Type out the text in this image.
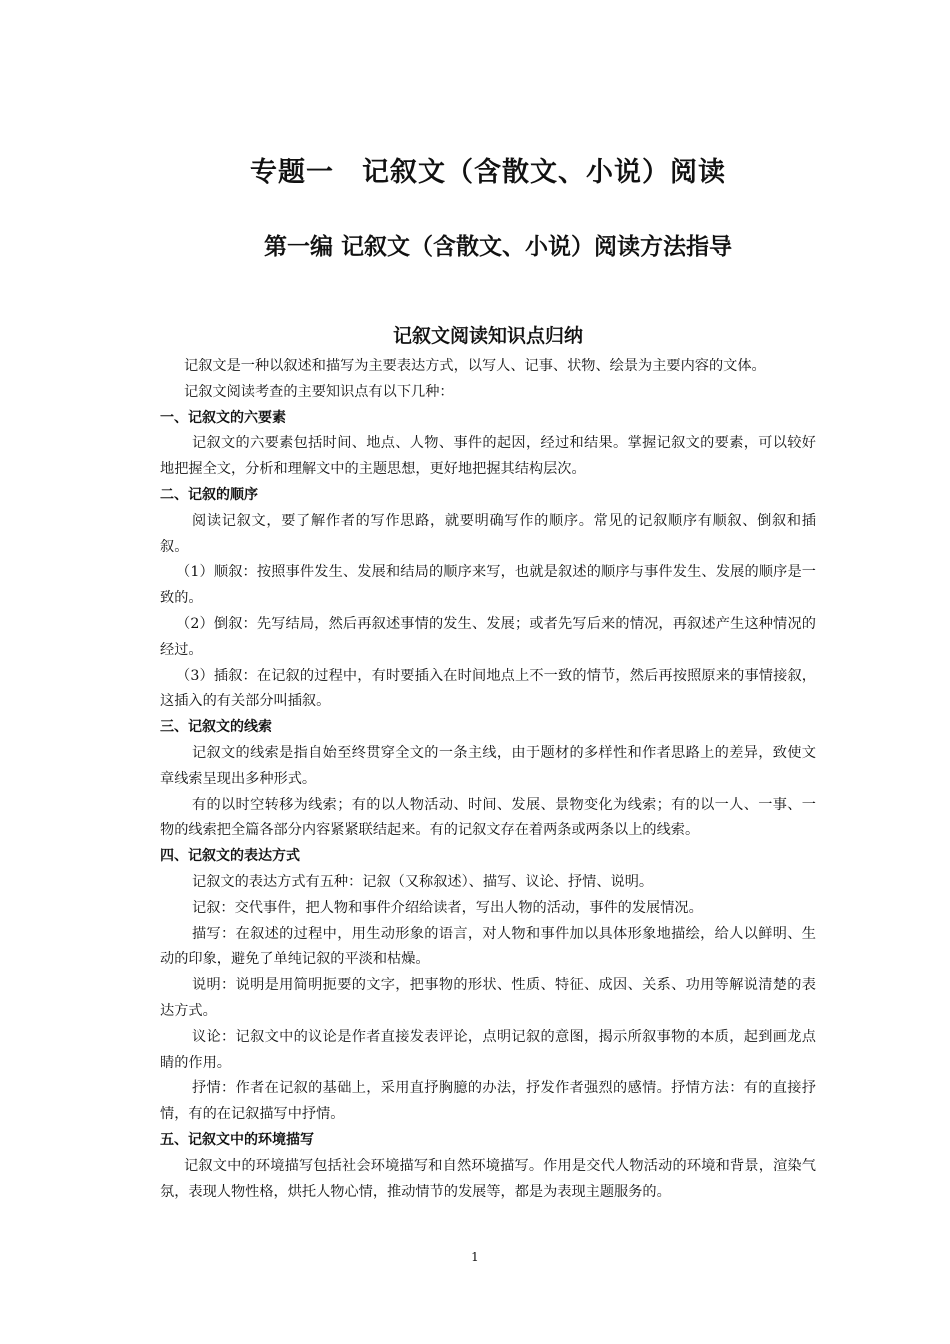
专题一　记叙文（含散文、小说）阅读
第一编 记叙文（含散文、小说）阅读方法指导
记叙文阅读知识点归纳

记叙文是一种以叙述和描写为主要表达方式，以写人、记事、状物、绘景为主要内容的文体。

记叙文阅读考查的主要知识点有以下几种：

一、记叙文的六要素

记叙文的六要素包括时间、地点、人物、事件的起因，经过和结果。掌握记叙文的要素，可以较好地把握全文，分析和理解文中的主题思想，更好地把握其结构层次。

二、记叙的顺序

阅读记叙文，要了解作者的写作思路，就要明确写作的顺序。常见的记叙顺序有顺叙、倒叙和插叙。

（1）顺叙：按照事件发生、发展和结局的顺序来写，也就是叙述的顺序与事件发生、发展的顺序是一致的。

（2）倒叙：先写结局，然后再叙述事情的发生、发展；或者先写后来的情况，再叙述产生这种情况的经过。

（3）插叙：在记叙的过程中，有时要插入在时间地点上不一致的情节，然后再按照原来的事情接叙，这插入的有关部分叫插叙。

三、记叙文的线索

记叙文的线索是指自始至终贯穿全文的一条主线，由于题材的多样性和作者思路上的差异，致使文章线索呈现出多种形式。

有的以时空转移为线索；有的以人物活动、时间、发展、景物变化为线索；有的以一人、一事、一物的线索把全篇各部分内容紧紧联结起来。有的记叙文存在着两条或两条以上的线索。

四、记叙文的表达方式

记叙文的表达方式有五种：记叙（又称叙述）、描写、议论、抒情、说明。

记叙：交代事件，把人物和事件介绍给读者，写出人物的活动，事件的发展情况。

描写：在叙述的过程中，用生动形象的语言，对人物和事件加以具体形象地描绘，给人以鲜明、生动的印象，避免了单纯记叙的平淡和枯燥。

说明：说明是用简明扼要的文字，把事物的形状、性质、特征、成因、关系、功用等解说清楚的表达方式。

议论：记叙文中的议论是作者直接发表评论，点明记叙的意图，揭示所叙事物的本质，起到画龙点睛的作用。

抒情：作者在记叙的基础上，采用直抒胸臆的办法，抒发作者强烈的感情。抒情方法：有的直接抒情，有的在记叙描写中抒情。

五、记叙文中的环境描写

记叙文中的环境描写包括社会环境描写和自然环境描写。作用是交代人物活动的环境和背景，渲染气氛，表现人物性格，烘托人物心情，推动情节的发展等，都是为表现主题服务的。

1
